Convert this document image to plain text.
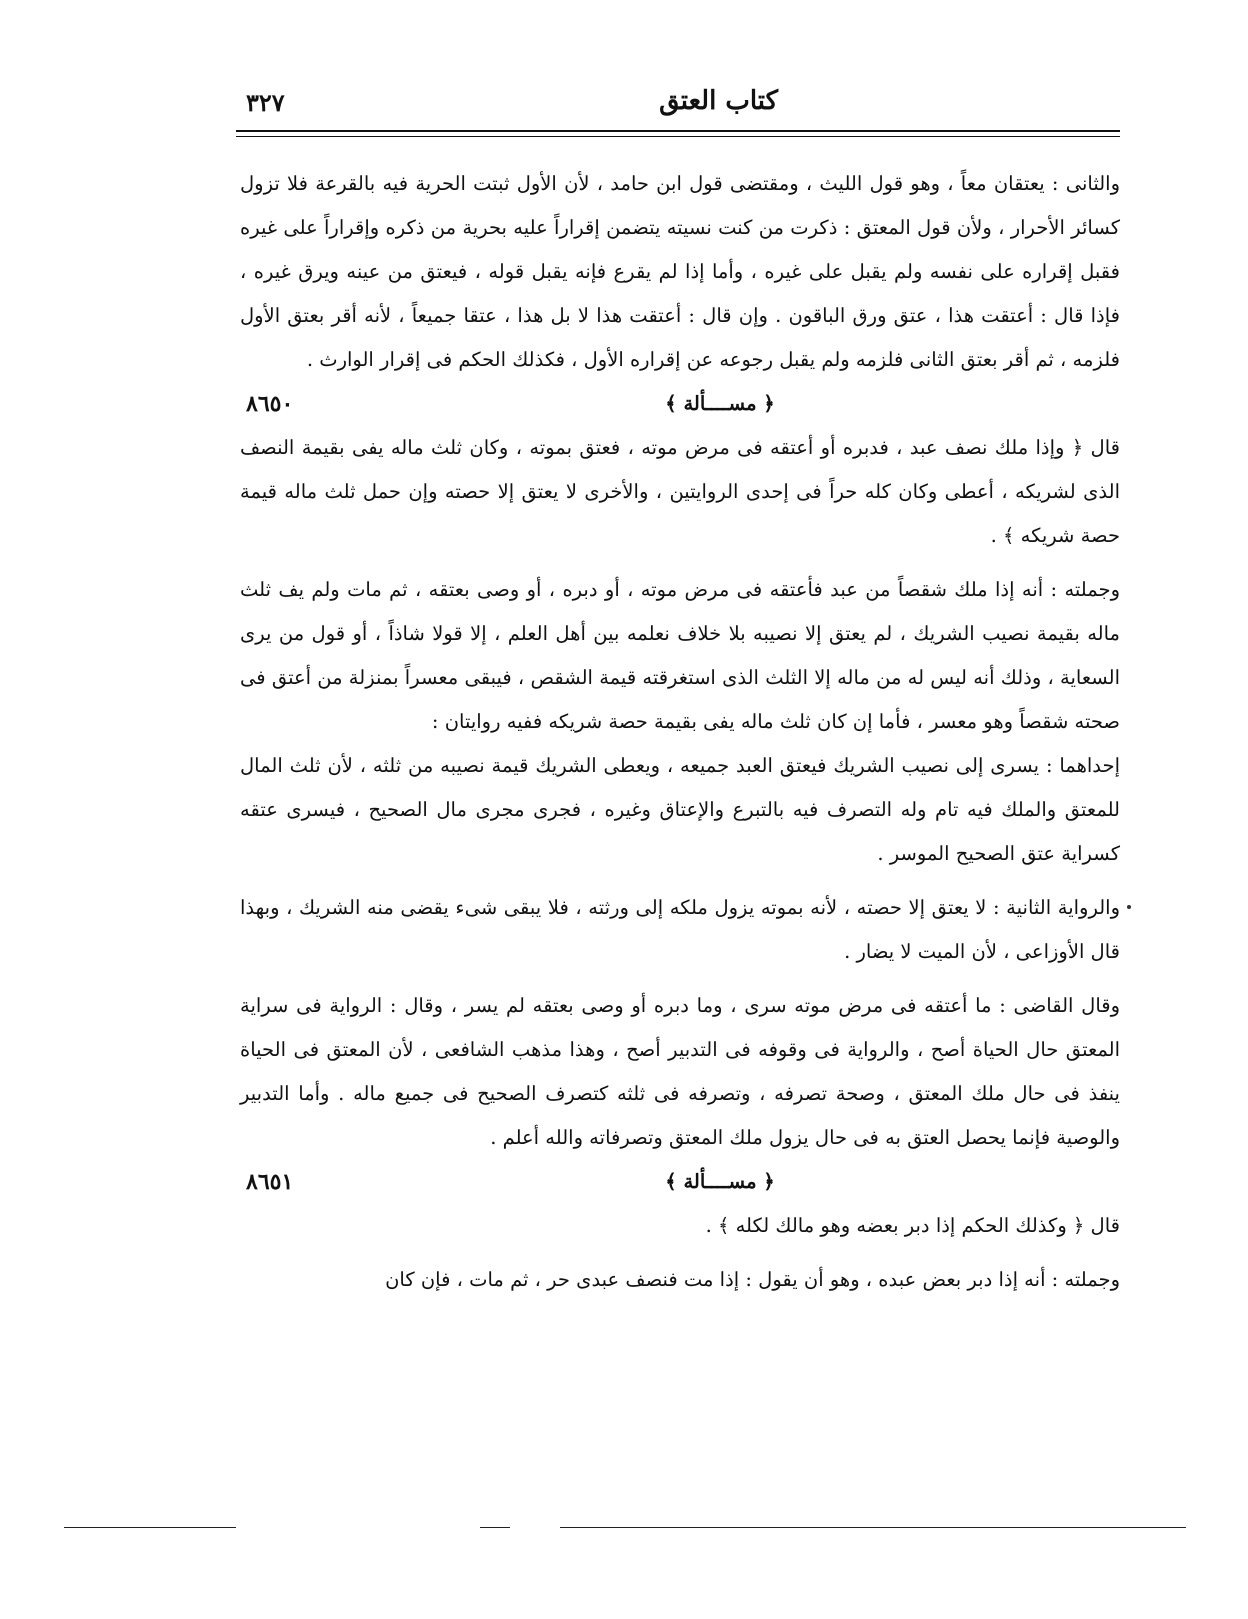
كتاب العتق
٣٢٧

والثانى : يعتقان معاً ، وهو قول الليث ، ومقتضى قول ابن حامد ، لأن الأول ثبتت الحرية فيه بالقرعة فلا تزول كسائر الأحرار ، ولأن قول المعتق : ذكرت من كنت نسيته يتضمن إقراراً عليه بحرية من ذكره وإقراراً على غيره فقبل إقراره على نفسه ولم يقبل على غيره ، وأما إذا لم يقرع فإنه يقبل قوله ، فيعتق من عينه ويرق غيره ، فإذا قال : أعتقت هذا ، عتق ورق الباقون . وإن قال : أعتقت هذا لا بل هذا ، عتقا جميعاً ، لأنه أقر بعتق الأول فلزمه ، ثم أقر بعتق الثانى فلزمه ولم يقبل رجوعه عن إقراره الأول ، فكذلك الحكم فى إقرار الوارث .

٨٦٥٠	﴿ مســــألة ﴾

قال ﴿ وإذا ملك نصف عبد ، فدبره أو أعتقه فى مرض موته ، فعتق بموته ، وكان ثلث ماله يفى بقيمة النصف الذى لشريكه ، أعطى وكان كله حراً فى إحدى الروايتين ، والأخرى لا يعتق إلا حصته وإن حمل ثلث ماله قيمة حصة شريكه ﴾ .

وجملته : أنه إذا ملك شقصاً من عبد فأعتقه فى مرض موته ، أو دبره ، أو وصى بعتقه ، ثم مات ولم يف ثلث ماله بقيمة نصيب الشريك ، لم يعتق إلا نصيبه بلا خلاف نعلمه بين أهل العلم ، إلا قولا شاذاً ، أو قول من يرى السعاية ، وذلك أنه ليس له من ماله إلا الثلث الذى استغرقته قيمة الشقص ، فيبقى معسراً بمنزلة من أعتق فى صحته شقصاً وهو معسر ، فأما إن كان ثلث ماله يفى بقيمة حصة شريكه ففيه روايتان :

إحداهما : يسرى إلى نصيب الشريك فيعتق العبد جميعه ، ويعطى الشريك قيمة نصيبه من ثلثه ، لأن ثلث المال للمعتق والملك فيه تام وله التصرف فيه بالتبرع والإعتاق وغيره ، فجرى مجرى مال الصحيح ، فيسرى عتقه كسراية عتق الصحيح الموسر .

والرواية الثانية : لا يعتق إلا حصته ، لأنه بموته يزول ملكه إلى ورثته ، فلا يبقى شىء يقضى منه الشريك ، وبهذا قال الأوزاعى ، لأن الميت لا يضار .

وقال القاضى : ما أعتقه فى مرض موته سرى ، وما دبره أو وصى بعتقه لم يسر ، وقال : الرواية فى سراية المعتق حال الحياة أصح ، والرواية فى وقوفه فى التدبير أصح ، وهذا مذهب الشافعى ، لأن المعتق فى الحياة ينفذ فى حال ملك المعتق ، وصحة تصرفه ، وتصرفه فى ثلثه كتصرف الصحيح فى جميع ماله . وأما التدبير والوصية فإنما يحصل العتق به فى حال يزول ملك المعتق وتصرفاته والله أعلم .

٨٦٥١	﴿ مســــألة ﴾

قال ﴿ وكذلك الحكم إذا دبر بعضه وهو مالك لكله ﴾ .

وجملته : أنه إذا دبر بعض عبده ، وهو أن يقول : إذا مت فنصف عبدى حر ، ثم مات ، فإن كان
